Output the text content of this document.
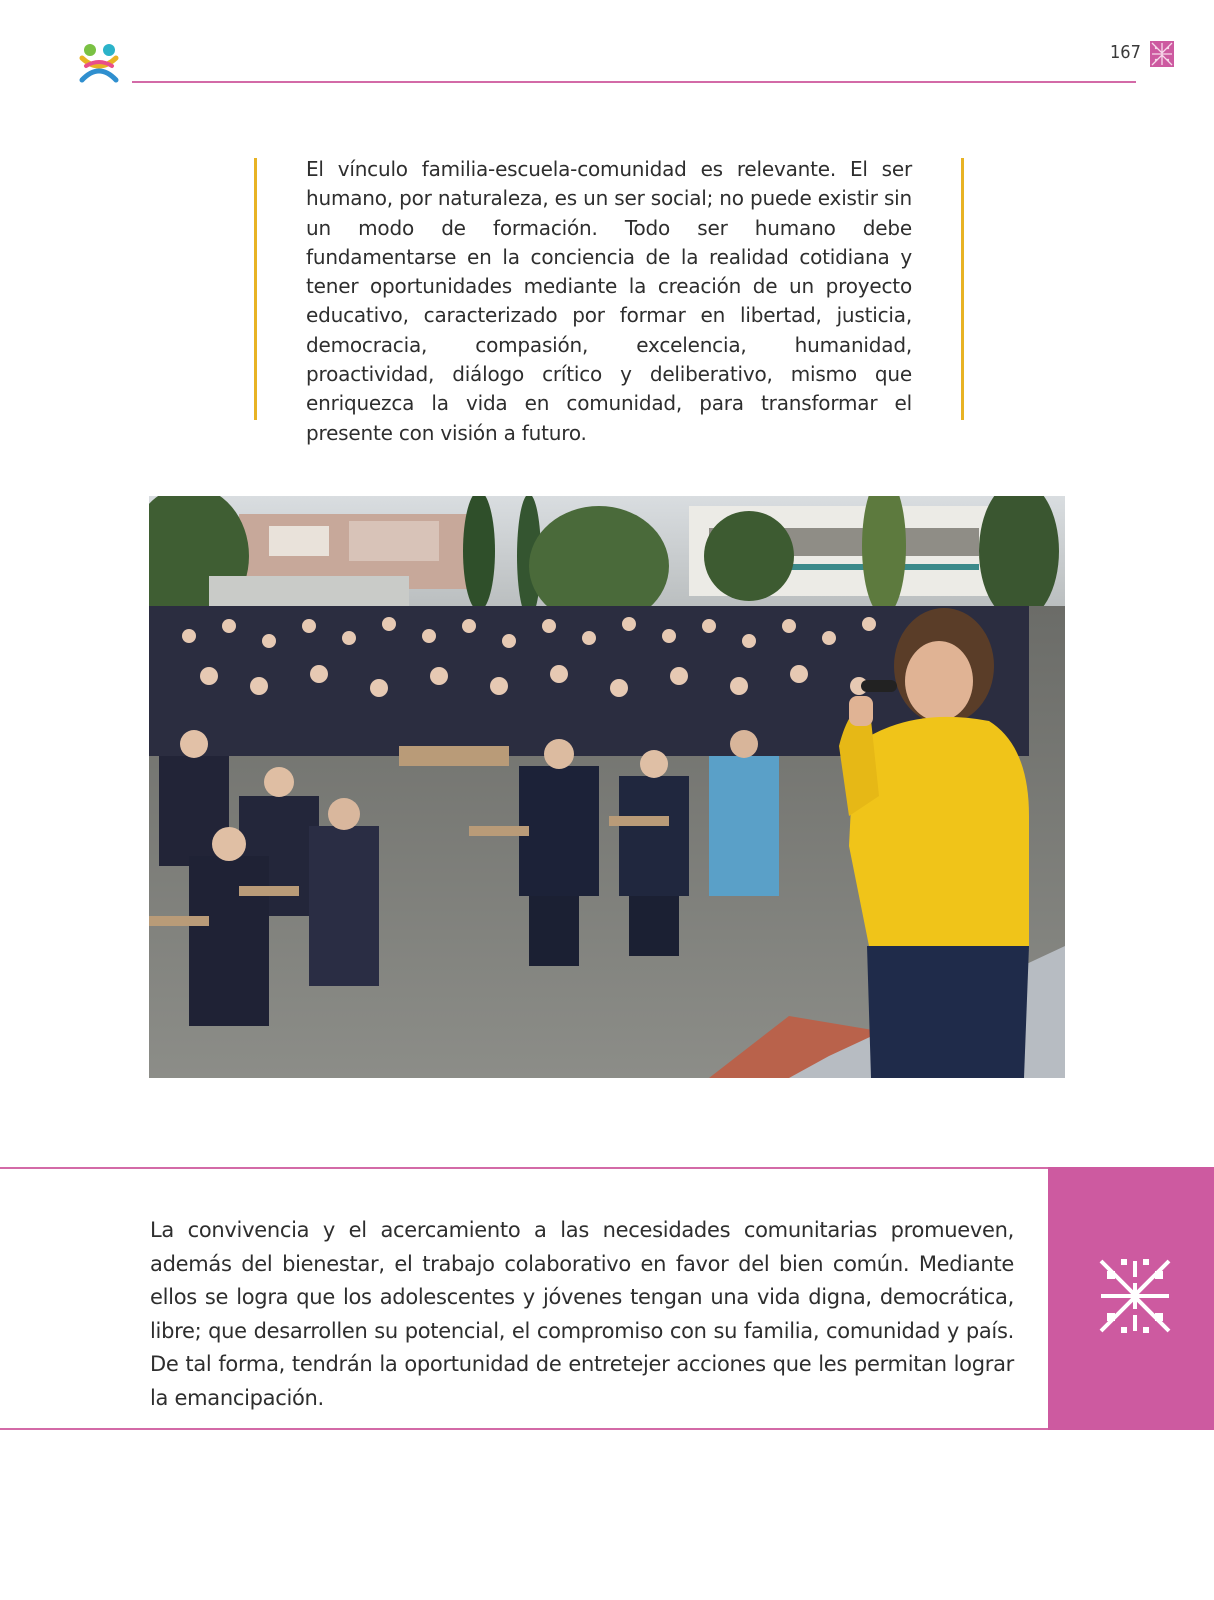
167
El vínculo familia-escuela-comunidad es relevante. El ser humano, por naturaleza, es un ser social; no puede existir sin un modo de formación. Todo ser humano debe fundamentarse en la conciencia de la realidad cotidiana y tener oportunidades mediante la creación de un proyecto educativo, caracterizado por formar en libertad, justicia, democracia, compasión, excelencia, humanidad, proactividad, diálogo crítico y deliberativo, mismo que enriquezca la vida en comunidad, para transformar el presente con visión a futuro.
La convivencia y el acercamiento a las necesidades comunitarias promueven, además del bienestar, el trabajo colaborativo en favor del bien común. Mediante ellos se logra que los adolescentes y jóvenes tengan una vida digna, democrática, libre; que desarrollen su potencial, el compromiso con su familia, comunidad y país. De tal forma, tendrán la oportunidad de entretejer acciones que les permitan lograr la emancipación.
